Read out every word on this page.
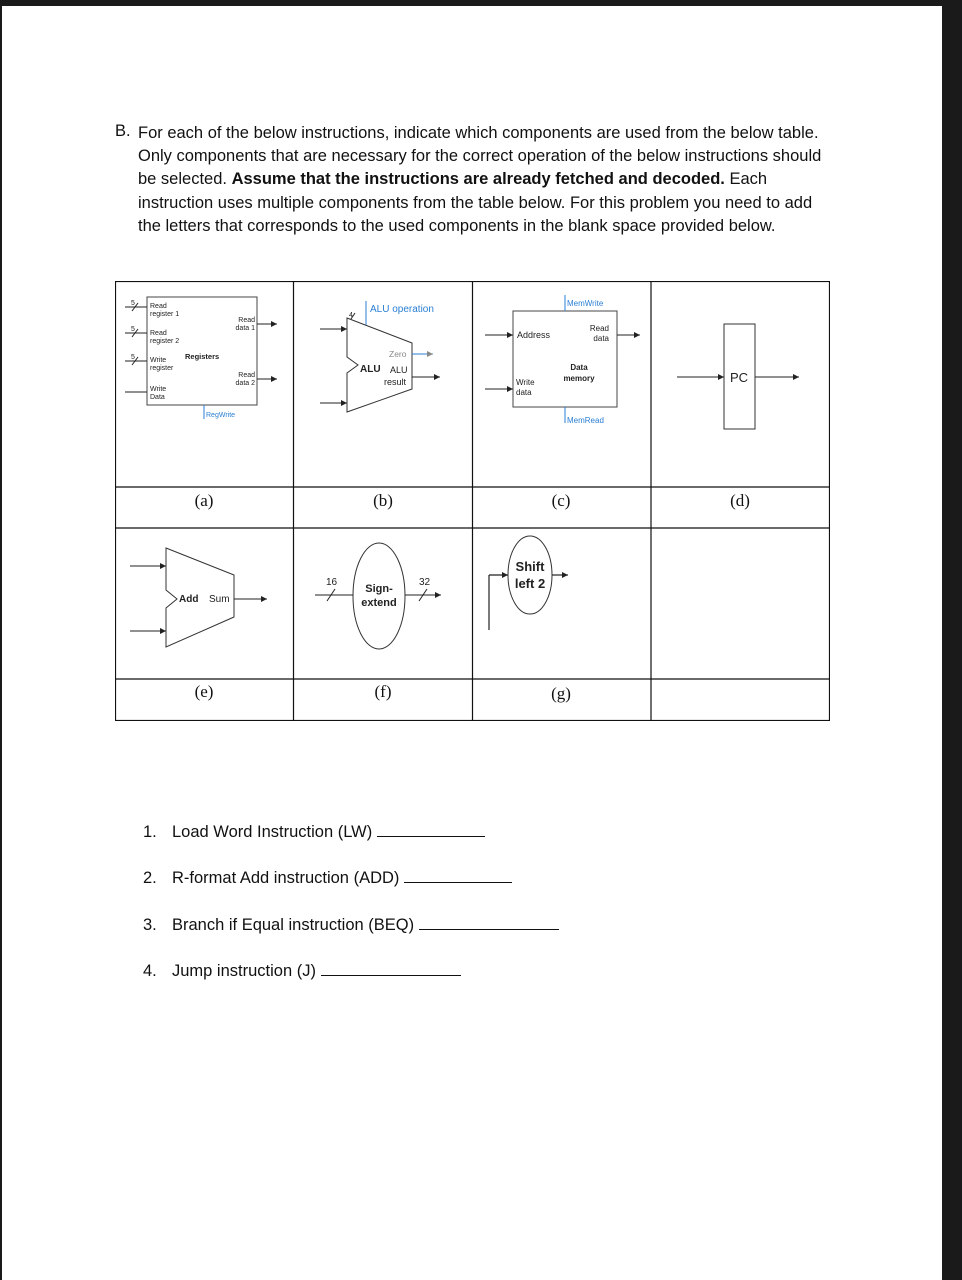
B. For each of the below instructions, indicate which components are used from the below table. Only components that are necessary for the correct operation of the below instructions should be selected. Assume that the instructions are already fetched and decoded. Each instruction uses multiple components from the table below. For this problem you need to add the letters that corresponds to the used components in the blank space provided below.
5
5
5
Read
register 1
Read
register 2
Write
register
Write
Data
Read
data 1
Read
data 2
Registers
RegWrite
ALU operation
4
Zero
ALU ALU
result
MemWrite
MemRead
Address
Read
data
Write
data
Data
memory	PC
Add Sum
16	32
Sign-
extend
Shift
left 2
(a)	(b)	(c)	(d)
(e)	(f)	(g)
1. Load Word Instruction (LW)
2. R-format Add instruction (ADD)
3. Branch if Equal instruction (BEQ)
4. Jump instruction (J)
